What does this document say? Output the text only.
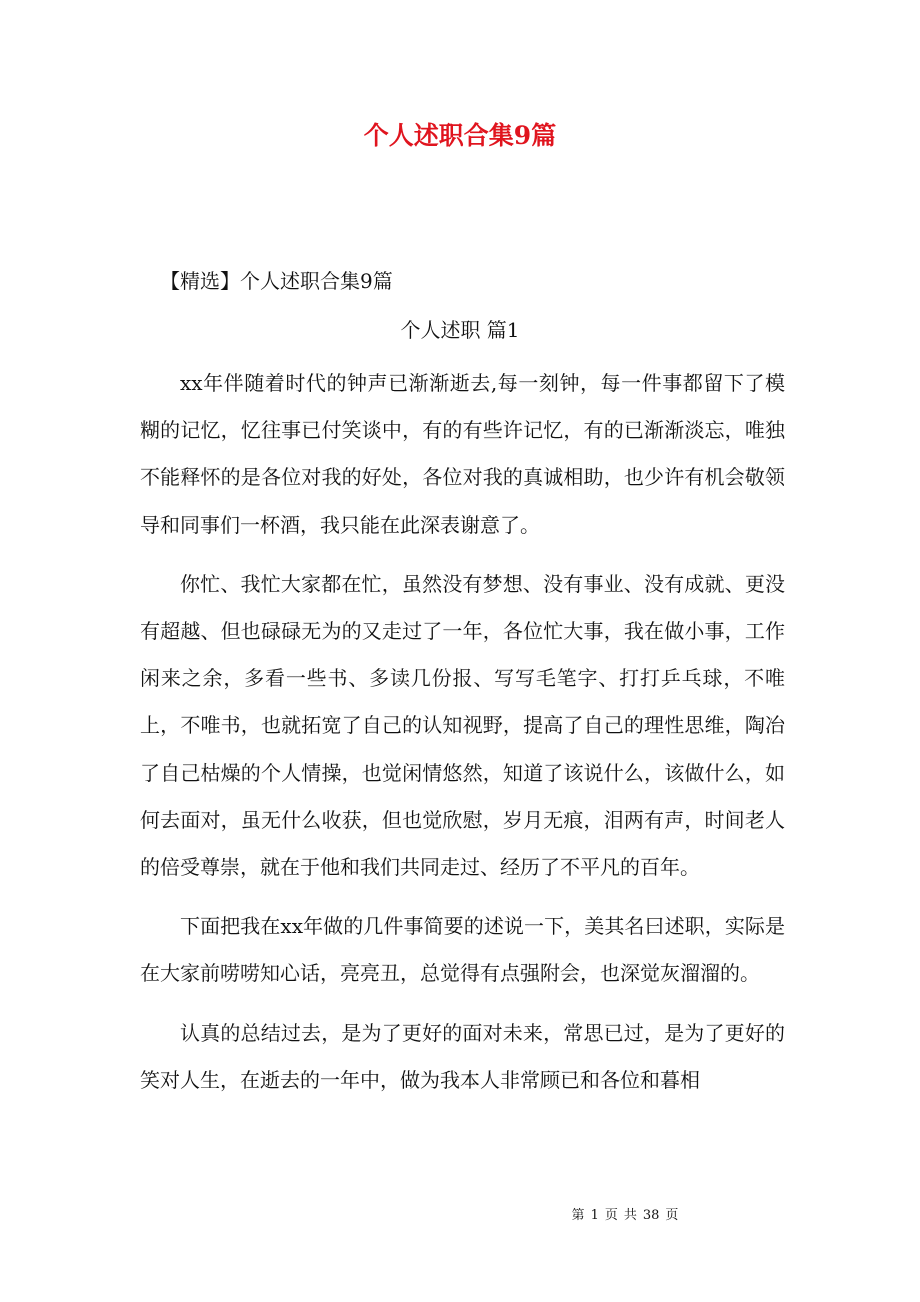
个人述职合集9篇

【精选】个人述职合集9篇

个人述职 篇1

xx年伴随着时代的钟声已渐渐逝去,每一刻钟，每一件事都留下了模糊的记忆，忆往事已付笑谈中，有的有些许记忆，有的已渐渐淡忘，唯独不能释怀的是各位对我的好处，各位对我的真诚相助，也少许有机会敬领导和同事们一杯酒，我只能在此深表谢意了。

你忙、我忙大家都在忙，虽然没有梦想、没有事业、没有成就、更没有超越、但也碌碌无为的又走过了一年，各位忙大事，我在做小事，工作闲来之余，多看一些书、多读几份报、写写毛笔字、打打乒乓球，不唯上，不唯书，也就拓宽了自己的认知视野，提高了自己的理性思维，陶冶了自己枯燥的个人情操，也觉闲情悠然，知道了该说什么，该做什么，如何去面对，虽无什么收获，但也觉欣慰，岁月无痕，泪两有声，时间老人的倍受尊崇，就在于他和我们共同走过、经历了不平凡的百年。

下面把我在xx年做的几件事简要的述说一下，美其名曰述职，实际是在大家前唠唠知心话，亮亮丑，总觉得有点强附会，也深觉灰溜溜的。

认真的总结过去，是为了更好的面对未来，常思已过，是为了更好的笑对人生，在逝去的一年中，做为我本人非常顾已和各位和暮相

第 1 页 共 38 页
